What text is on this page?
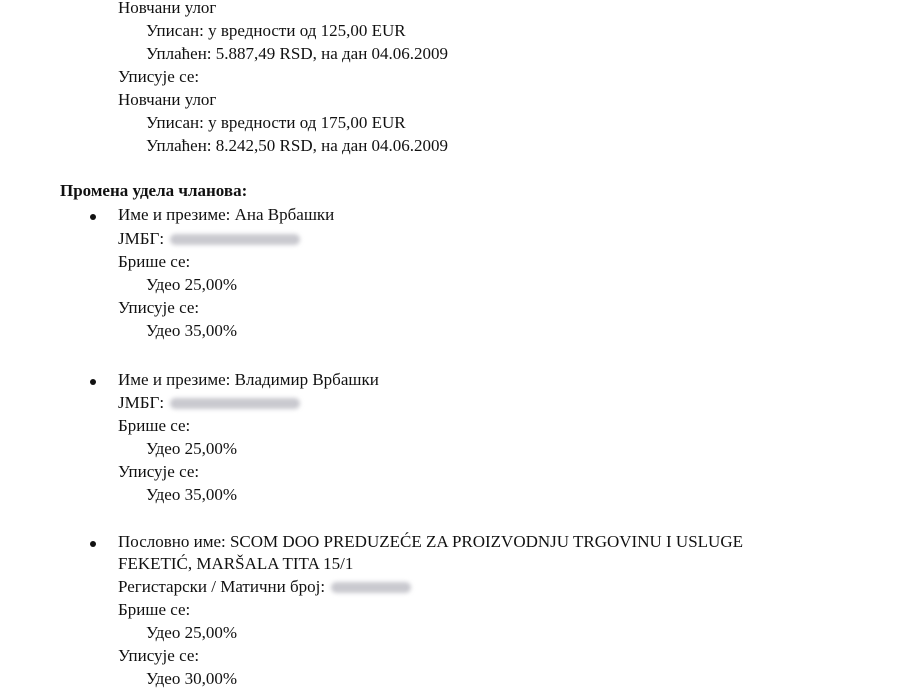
Новчани улог
Уписан: у вредности од 125,00 EUR
Уплаћен: 5.887,49 RSD, на дан 04.06.2009
Уписује се:
Новчани улог
Уписан: у вредности од 175,00 EUR
Уплаћен: 8.242,50 RSD, на дан 04.06.2009
Промена удела чланова:
Име и презиме: Ана Врбашки
ЈМБГ:
Брише се:
Удео 25,00%
Уписује се:
Удео 35,00%
Име и презиме: Владимир Врбашки
ЈМБГ:
Брише се:
Удео 25,00%
Уписује се:
Удео 35,00%
Пословно име: SCOM DOO PREDUZEĆE ZA PROIZVODNJU TRGOVINU I USLUGE
FEKETIĆ, MARŠALA TITA 15/1
Регистарски / Матични број:
Брише се:
Удео 25,00%
Уписује се:
Удео 30,00%
